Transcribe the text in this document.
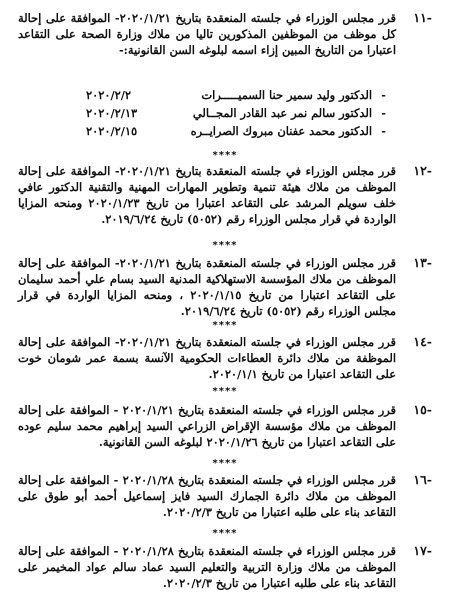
-١١
قرر مجلس الوزراء في جلسته المنعقدة بتاريخ ٢٠٢٠/١/٢١- الموافقة على إحالة كل موظف من الموظفين المذكورين تاليا من ملاك وزارة الصحة على التقاعد اعتبارا من التاريخ المبين إزاء اسمه لبلوغه السن القانونية:-
-
الدكتور وليد سمير حنا السميـــــرات
٢٠٢٠/٢/٢
-
الدكتور سالم نمر عبد القادر المجــالي
٢٠٢٠/٢/١٣
-
الدكتور محمد عفنان مبروك الصرايــره
٢٠٢٠/٢/١٥
****
-١٢
قرر مجلس الوزراء في جلسته المنعقدة بتاريخ ٢٠٢٠/١/٢١- الموافقة على إحالة الموظف من ملاك هيئة تنمية وتطوير المهارات المهنية والتقنية الدكتور عافي خلف سويلم المرشد على التقاعد اعتبارا من تاريخ ٢٠٢٠/١/٢٣ ومنحه المزايا الواردة في قرار مجلس الوزراء رقم (٥٠٥٢) تاريخ ٢٠١٩/٦/٢٤.
****
-١٣
قرر مجلس الوزراء في جلسته المنعقدة بتاريخ ٢٠٢٠/١/٢١- الموافقة على إحالة الموظف من ملاك المؤسسة الاستهلاكية المدنية السيد بسام علي أحمد سليمان على التقاعد اعتبارا من تاريخ ٢٠٢٠/١/١٥ ، ومنحه المزايا الواردة في قرار مجلس الوزراء رقم (٥٠٥٢) تاريخ ٢٠١٩/٦/٢٤.
****
-١٤
قرر مجلس الوزراء في جلسته المنعقدة بتاريخ ٢٠٢٠/١/٢١- الموافقة على إحالة الموظفة من ملاك دائرة العطاءات الحكومية الآنسة بسمة عمر شومان خوت على التقاعد اعتبارا من تاريخ ٢٠٢٠/١/١.
****
-١٥
قرر مجلس الوزراء في جلسته المنعقدة بتاريخ ٢٠٢٠/١/٢١ - الموافقة على إحالة الموظف من ملاك مؤسسة الإقراض الزراعي السيد إبراهيم محمد سليم عوده على التقاعد اعتبارا من تاريخ ٢٠٢٠/١/٢٦ لبلوغه السن القانونية.
****
-١٦
قرر مجلس الوزراء في جلسته المنعقدة بتاريخ ٢٠٢٠/١/٢٨ - الموافقة على إحالة الموظف من ملاك دائرة الجمارك السيد فايز إسماعيل أحمد أبو طوق على التقاعد بناء على طلبه اعتبارا من تاريخ ٢٠٢٠/٢/٣.
****
-١٧
قرر مجلس الوزراء في جلسته المنعقدة بتاريخ ٢٠٢٠/١/٢٨ - الموافقة على إحالة الموظف من ملاك وزارة التربية والتعليم السيد عماد سالم عواد المخيمر على التقاعد بناء على طلبه اعتبارا من تاريخ ٢٠٢٠/٢/٣.
